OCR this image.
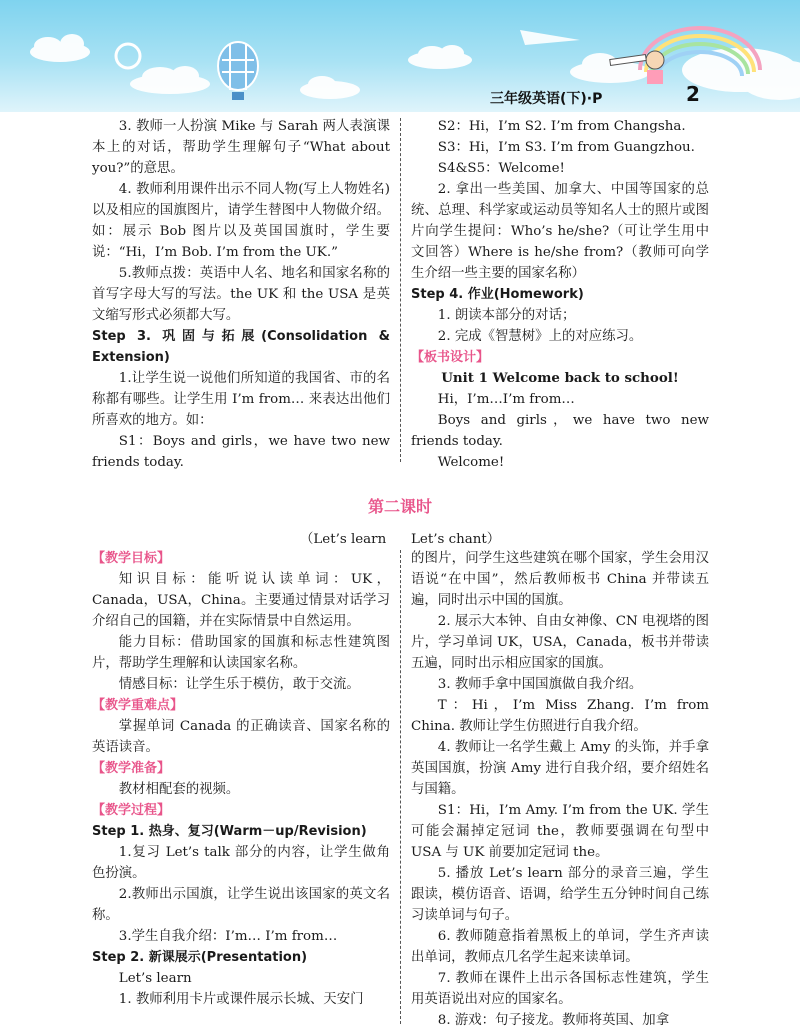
三年级英语(下)·P	2

3. 教师一人扮演 Mike 与 Sarah 两人表演课本上的对话，帮助学生理解句子“What about you?”的意思。

4. 教师利用课件出示不同人物(写上人物姓名)以及相应的国旗图片，请学生替图中人物做介绍。如：展示 Bob 图片以及英国国旗时，学生要说：“Hi，I’m Bob. I’m from the UK.”

5.教师点拨：英语中人名、地名和国家名称的首写字母大写的写法。the UK 和 the USA 是英文缩写形式必须都大写。

Step 3. 巩固与拓展(Consolidation & Extension)

1.让学生说一说他们所知道的我国省、市的名称都有哪些。让学生用 I’m from… 来表达出他们所喜欢的地方。如：

S1：Boys and girls，we have two new friends today.

S2：Hi，I’m S2. I’m from Changsha.

S3：Hi，I’m S3. I’m from Guangzhou.

S4&S5：Welcome!

2. 拿出一些美国、加拿大、中国等国家的总统、总理、科学家或运动员等知名人士的照片或图片向学生提问：Who’s he/she?（可让学生用中文回答）Where is he/she from?（教师可向学生介绍一些主要的国家名称）

Step 4. 作业(Homework)

1. 朗读本部分的对话；

2. 完成《智慧树》上的对应练习。

【板书设计】

Unit 1 Welcome back to school!

Hi，I’m…I’m from…

Boys and girls，we have two new friends today.

Welcome!

第二课时
（Let’s learn Let’s chant）

【教学目标】

知识目标：能听说认读单词：UK，Canada，USA，China。主要通过情景对话学习介绍自己的国籍，并在实际情景中自然运用。

能力目标：借助国家的国旗和标志性建筑图片，帮助学生理解和认读国家名称。

情感目标：让学生乐于模仿，敢于交流。

【教学重难点】

掌握单词 Canada 的正确读音、国家名称的英语读音。

【教学准备】

教材相配套的视频。

【教学过程】

Step 1. 热身、复习(Warm－up/Revision)

1.复习 Let’s talk 部分的内容，让学生做角色扮演。

2.教师出示国旗，让学生说出该国家的英文名称。

3.学生自我介绍：I’m… I’m from…

Step 2. 新课展示(Presentation)

Let’s learn

1. 教师利用卡片或课件展示长城、天安门

的图片，问学生这些建筑在哪个国家，学生会用汉语说“在中国”，然后教师板书 China 并带读五遍，同时出示中国的国旗。

2. 展示大本钟、自由女神像、CN 电视塔的图片，学习单词 UK，USA，Canada，板书并带读五遍，同时出示相应国家的国旗。

3. 教师手拿中国国旗做自我介绍。

T：Hi，I’m Miss Zhang. I’m from China. 教师让学生仿照进行自我介绍。

4. 教师让一名学生戴上 Amy 的头饰，并手拿英国国旗，扮演 Amy 进行自我介绍，要介绍姓名与国籍。

S1：Hi，I’m Amy. I’m from the UK. 学生可能会漏掉定冠词 the，教师要强调在句型中 USA 与 UK 前要加定冠词 the。

5. 播放 Let’s learn 部分的录音三遍，学生跟读，模仿语音、语调，给学生五分钟时间自己练习读单词与句子。

6. 教师随意指着黑板上的单词，学生齐声读出单词，教师点几名学生起来读单词。

7. 教师在课件上出示各国标志性建筑，学生用英语说出对应的国家名。

8. 游戏：句子接龙。教师将英国、加拿
